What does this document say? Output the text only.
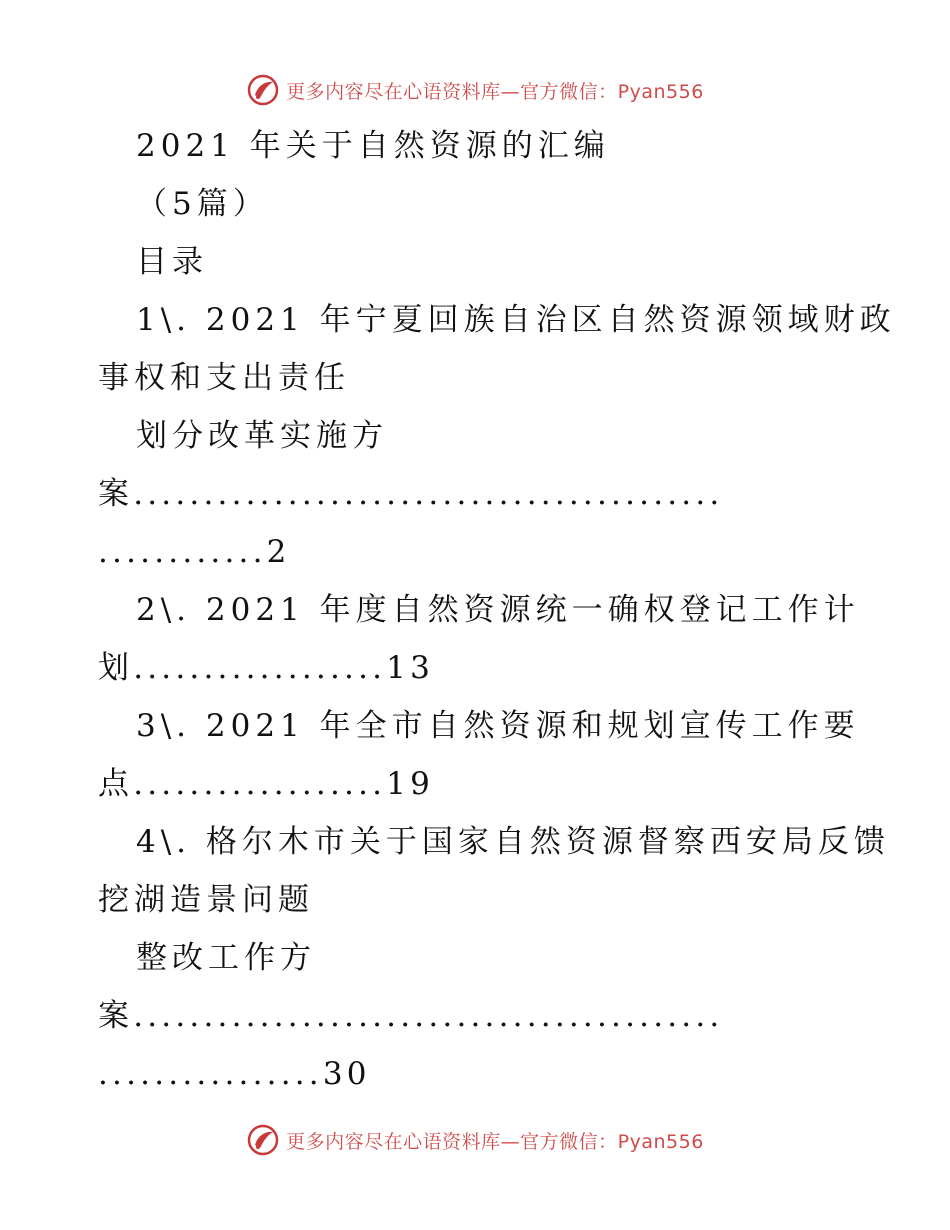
更多内容尽在心语资料库—官方微信：Pyan556
2021 年关于自然资源的汇编
（5篇）
目录
1\. 2021 年宁夏回族自治区自然资源领域财政
事权和支出责任
划分改革实施方
案..........................................
............2
2\. 2021 年度自然资源统一确权登记工作计
划..................13
3\. 2021 年全市自然资源和规划宣传工作要
点..................19
4\. 格尔木市关于国家自然资源督察西安局反馈
挖湖造景问题
整改工作方
案..........................................
................30
更多内容尽在心语资料库—官方微信：Pyan556
